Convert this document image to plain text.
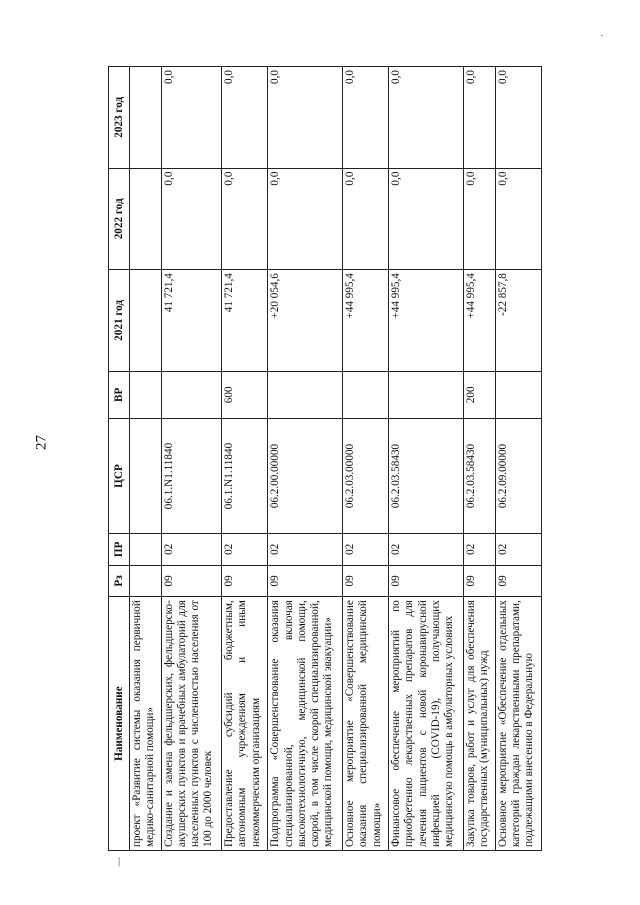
27
Наименование	Рз	ПР	ЦСР	ВР	2021 год	2022 год	2023 год
проект «Развитие системы оказания первичной медико-санитарной помощи»							
Создание и замена фельдшерских, фельдшерско-акушерских пунктов и врачебных амбулаторий для населенных пунктов с численностью населения от 100 до 2000 человек	09	02	06.1.N1.11840		41 721,4	0,0	0,0
Предоставление субсидий бюджетным, автономным учреждениям и иным некоммерческим организациям	09	02	06.1.N1.11840	600	41 721,4	0,0	0,0
Подпрограмма «Совершенствование оказания специализированной, включая высокотехнологичную, медицинской помощи, скорой, в том числе скорой специализированной, медицинской помощи, медицинской эвакуации»	09	02	06.2.00.00000		+20 054,6	0,0	0,0
Основное мероприятие «Совершенствование оказания специализированной медицинской помощи»	09	02	06.2.03.00000		+44 995,4	0,0	0,0
Финансовое обеспечение мероприятий по приобретению лекарственных препаратов для лечения пациентов с новой коронавирусной инфекцией (COVID-19), получающих медицинскую помощь в амбулаторных условиях	09	02	06.2.03.58430		+44 995,4	0,0	0,0
Закупка товаров, работ и услуг для обеспечения государственных (муниципальных) нужд	09	02	06.2.03.58430	200	+44 995,4	0,0	0,0
Основное мероприятие «Обеспечение отдельных категорий граждан лекарственными препаратами, подлежащими внесению в Федеральную	09	02	06.2.09.00000		-22 857,8	0,0	0,0
·
|
